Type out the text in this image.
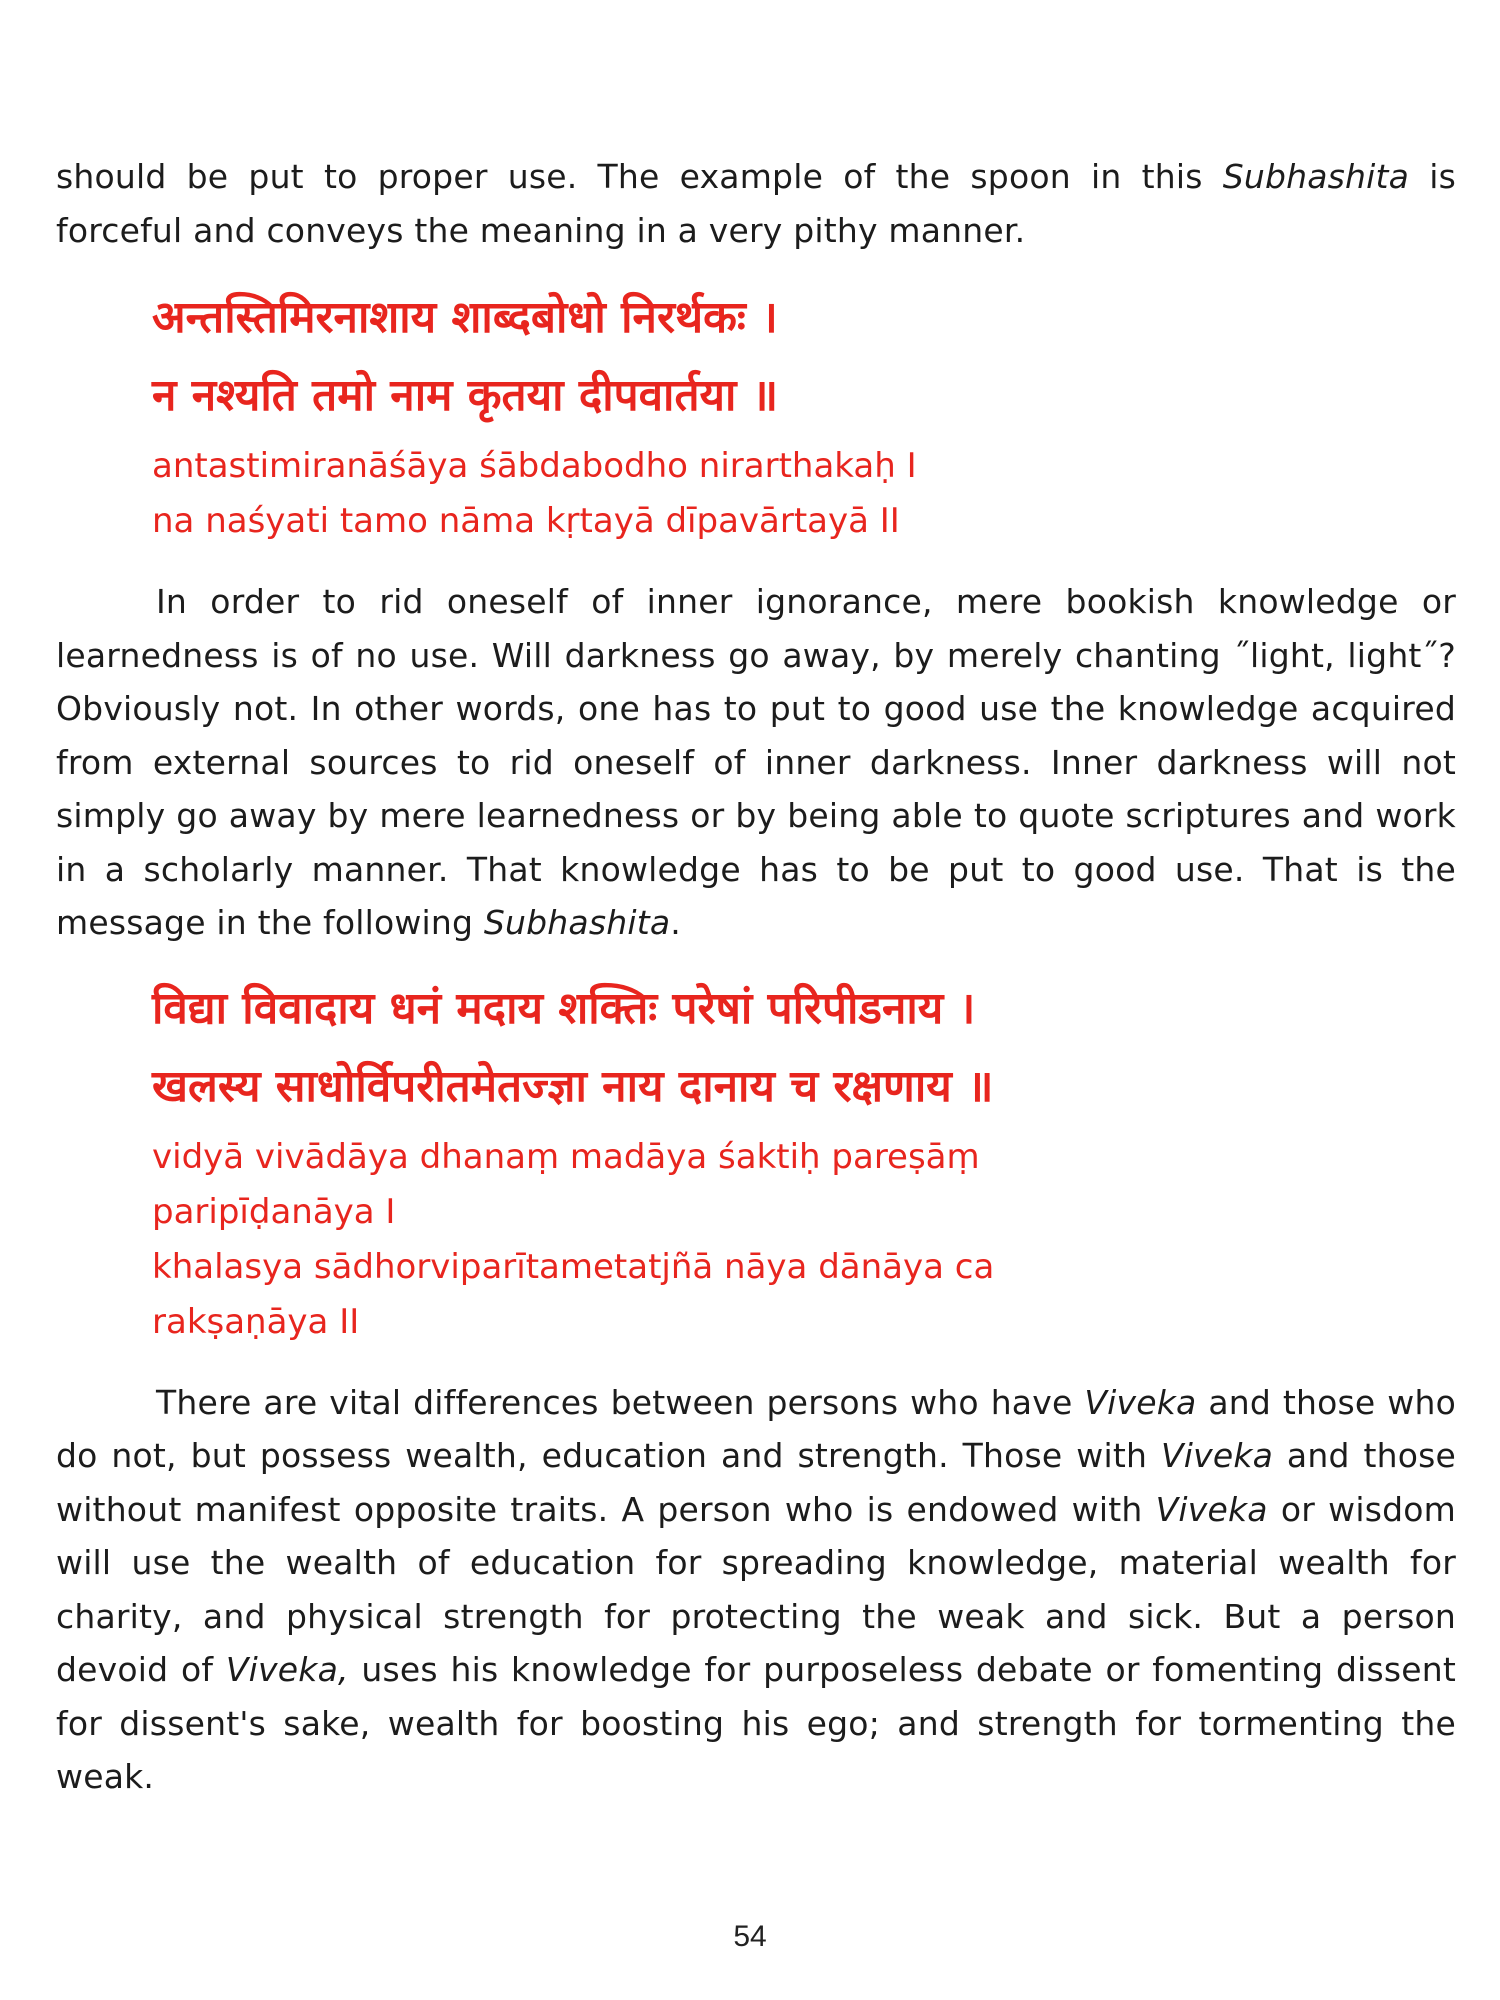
should be put to proper use. The example of the spoon in this Subhashita is forceful and conveys the meaning in a very pithy manner.

अन्तस्तिमिरनाशाय शाब्दबोधो निरर्थकः ।
न नश्यति तमो नाम कृतया दीपवार्तया ॥
antastimiranāśāya śābdabodho nirarthakaḥ I
na naśyati tamo nāma kṛtayā dīpavārtayā II

In order to rid oneself of inner ignorance, mere bookish knowledge or learnedness is of no use. Will darkness go away, by merely chanting ˝light, light˝? Obviously not. In other words, one has to put to good use the knowledge acquired from external sources to rid oneself of inner darkness. Inner darkness will not simply go away by mere learnedness or by being able to quote scriptures and work in a scholarly manner. That knowledge has to be put to good use. That is the message in the following Subhashita.

विद्या विवादाय धनं मदाय शक्तिः परेषां परिपीडनाय ।
खलस्य साधोर्विपरीतमेतज्ज्ञा नाय दानाय च रक्षणाय ॥
vidyā vivādāya dhanaṃ madāya śaktiḥ pareṣāṃ
paripīḍanāya I
khalasya sādhorviparītametatjñā nāya dānāya ca
rakṣaṇāya II

There are vital differences between persons who have Viveka and those who do not, but possess wealth, education and strength. Those with Viveka and those without manifest opposite traits. A person who is endowed with Viveka or wisdom will use the wealth of education for spreading knowledge, material wealth for charity, and physical strength for protecting the weak and sick. But a person devoid of Viveka, uses his knowledge for purposeless debate or fomenting dissent for dissent's sake, wealth for boosting his ego; and strength for tormenting the weak.

54
